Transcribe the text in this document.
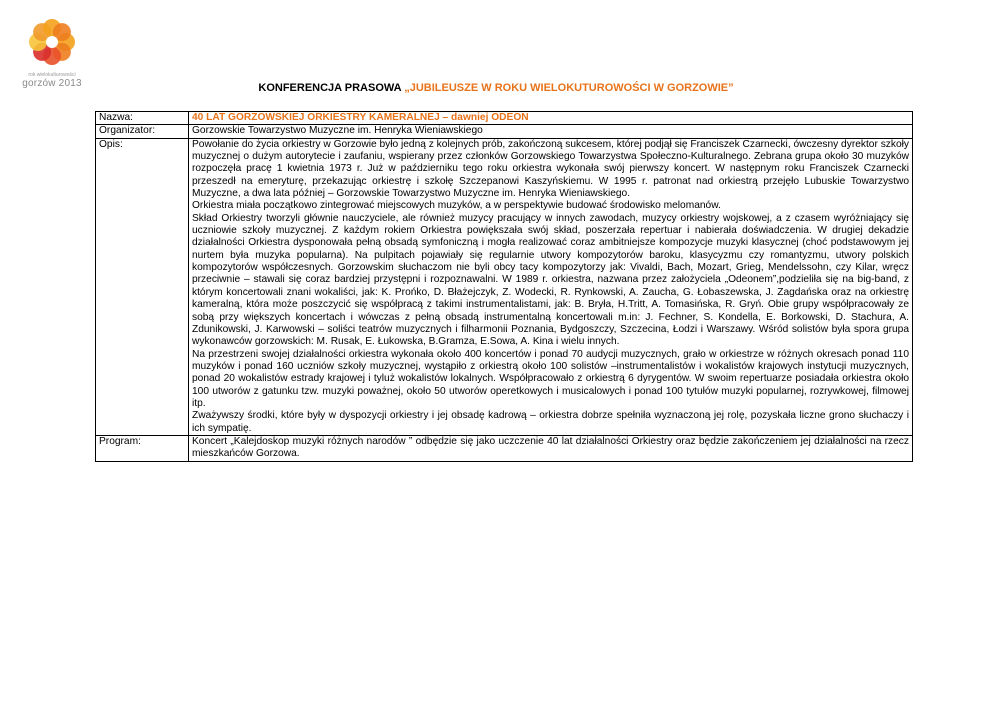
rok wielokulturowości
gorzów 2013	KONFERENCJA PRASOWA „JUBILEUSZE W ROKU WIELOKUTUROWOŚCI W GORZOWIE”
Nazwa:	40 LAT GORZOWSKIEJ ORKIESTRY KAMERALNEJ – dawniej ODEON
Organizator:	Gorzowskie Towarzystwo Muzyczne im. Henryka Wieniawskiego
Opis:	Powołanie do życia orkiestry w Gorzowie było jedną z kolejnych prób, zakończoną sukcesem, której podjął się Franciszek Czarnecki, ówczesny dyrektor szkoły muzycznej o dużym autorytecie i zaufaniu, wspierany przez członków Gorzowskiego Towarzystwa Społeczno-Kulturalnego. Zebrana grupa około 30 muzyków rozpoczęła pracę 1 kwietnia 1973 r. Już w październiku tego roku orkiestra wykonała swój pierwszy koncert. W następnym roku Franciszek Czarnecki przeszedł na emeryturę, przekazując orkiestrę i szkołę Szczepanowi Kaszyńskiemu. W 1995 r. patronat nad orkiestrą przejęło Lubuskie Towarzystwo Muzyczne, a dwa lata później – Gorzowskie Towarzystwo Muzyczne im. Henryka Wieniawskiego.

Orkiestra miała początkowo zintegrować miejscowych muzyków, a w perspektywie budować środowisko melomanów.

Skład Orkiestry tworzyli głównie nauczyciele, ale również muzycy pracujący w innych zawodach, muzycy orkiestry wojskowej, a z czasem wyróżniający się uczniowie szkoły muzycznej. Z każdym rokiem Orkiestra powiększała swój skład, poszerzała repertuar i nabierała doświadczenia. W drugiej dekadzie działalności Orkiestra dysponowała pełną obsadą symfoniczną i mogła realizować coraz ambitniejsze kompozycje muzyki klasycznej (choć podstawowym jej nurtem była muzyka popularna). Na pulpitach pojawiały się regularnie utwory kompozytorów baroku, klasycyzmu czy romantyzmu, utwory polskich kompozytorów współczesnych. Gorzowskim słuchaczom nie byli obcy tacy kompozytorzy jak: Vivaldi, Bach, Mozart, Grieg, Mendelssohn, czy Kilar, wręcz przeciwnie – stawali się coraz bardziej przystępni i rozpoznawalni. W 1989 r. orkiestra, nazwana przez założyciela „Odeonem”,podzieliła się na big-band, z którym koncertowali znani wokaliści, jak: K. Prońko, D. Błażejczyk, Z. Wodecki, R. Rynkowski, A. Zaucha, G. Łobaszewska, J. Zagdańska oraz na orkiestrę kameralną, która może poszczycić się współpracą z takimi instrumentalistami, jak: B. Bryła, H.Tritt, A. Tomasińska, R. Gryń. Obie grupy współpracowały ze sobą przy większych koncertach i wówczas z pełną obsadą instrumentalną koncertowali m.in: J. Fechner, S. Kondella, E. Borkowski, D. Stachura, A. Zdunikowski, J. Karwowski – soliści teatrów muzycznych i filharmonii Poznania, Bydgoszczy, Szczecina, Łodzi i Warszawy. Wśród solistów była spora grupa wykonawców gorzowskich: M. Rusak, E. Łukowska, B.Gramza, E.Sowa, A. Kina i wielu innych.

Na przestrzeni swojej działalności orkiestra wykonała około 400 koncertów i ponad 70 audycji muzycznych, grało w orkiestrze w różnych okresach ponad 110 muzyków i ponad 160 uczniów szkoły muzycznej, wystąpiło z orkiestrą około 100 solistów –instrumentalistów i wokalistów krajowych instytucji muzycznych, ponad 20 wokalistów estrady krajowej i tyluż wokalistów lokalnych. Współpracowało z orkiestrą 6 dyrygentów. W swoim repertuarze posiadała orkiestra około 100 utworów z gatunku tzw. muzyki poważnej, około 50 utworów operetkowych i musicalowych i ponad 100 tytułów muzyki popularnej, rozrywkowej, filmowej itp.

Zważywszy środki, które były w dyspozycji orkiestry i jej obsadę kadrową – orkiestra dobrze spełniła wyznaczoną jej rolę, pozyskała liczne grono słuchaczy i ich sympatię.

Program:	Koncert „Kalejdoskop muzyki różnych narodów ” odbędzie się jako uczczenie 40 lat działalności Orkiestry oraz będzie zakończeniem jej działalności na rzecz mieszkańców Gorzowa.
